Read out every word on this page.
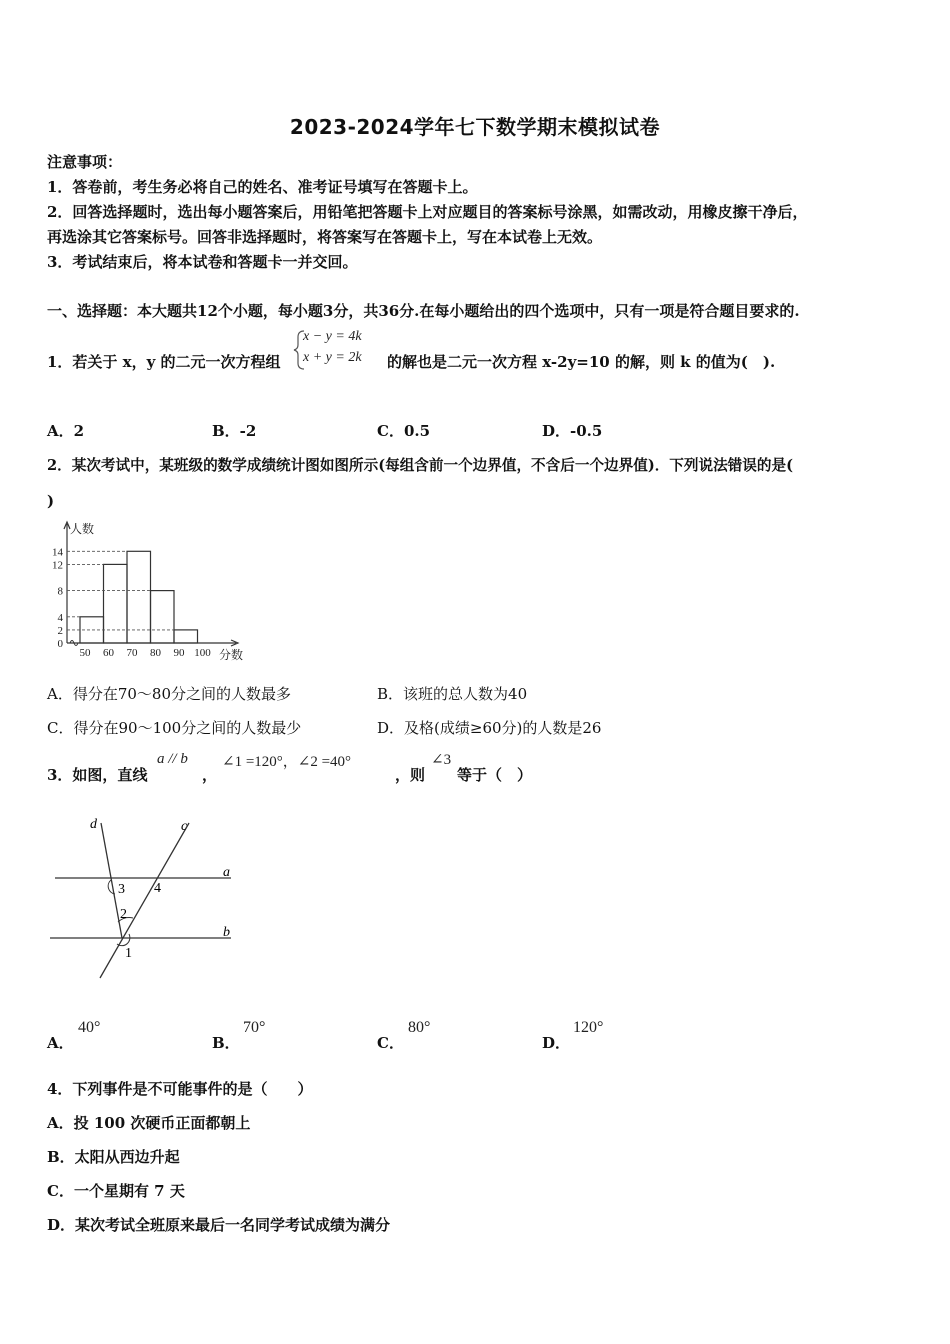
2023-2024学年七下数学期末模拟试卷
注意事项：
1．答卷前，考生务必将自己的姓名、准考证号填写在答题卡上。
2．回答选择题时，选出每小题答案后，用铅笔把答题卡上对应题目的答案标号涂黑，如需改动，用橡皮擦干净后，
再选涂其它答案标号。回答非选择题时，将答案写在答题卡上，写在本试卷上无效。
3．考试结束后，将本试卷和答题卡一并交回。
一、选择题：本大题共12个小题，每小题3分，共36分.在每小题给出的四个选项中，只有一项是符合题目要求的.
1．若关于 x，y 的二元一次方程组
x − y = 4k
x + y = 2k 的解也是二元一次方程 x-2y=10 的解，则 k 的值为(　).
A．2	B．-2	C．0.5	D．-0.5
2．某次考试中，某班级的数学成绩统计图如图所示(每组含前一个边界值，不含后一个边界值)．下列说法错误的是(
)
0
2
4
8
12
14
50 60 70 80 90 100
人数
分数
A．得分在70～80分之间的人数最多	B．该班的总人数为40
C．得分在90～100分之间的人数最少	D．及格(成绩≥60分)的人数是26
3．如图，直线
a // b
，
∠1 =120°，∠2 =40°
，则
∠3
等于（　）
d	c
a
b
3 4
2
1
A．
40°
B．
70°
C．
80°
D．
120°
4．下列事件是不可能事件的是（　　）
A．投 100 次硬币正面都朝上
B．太阳从西边升起
C．一个星期有 7 天
D．某次考试全班原来最后一名同学考试成绩为满分
